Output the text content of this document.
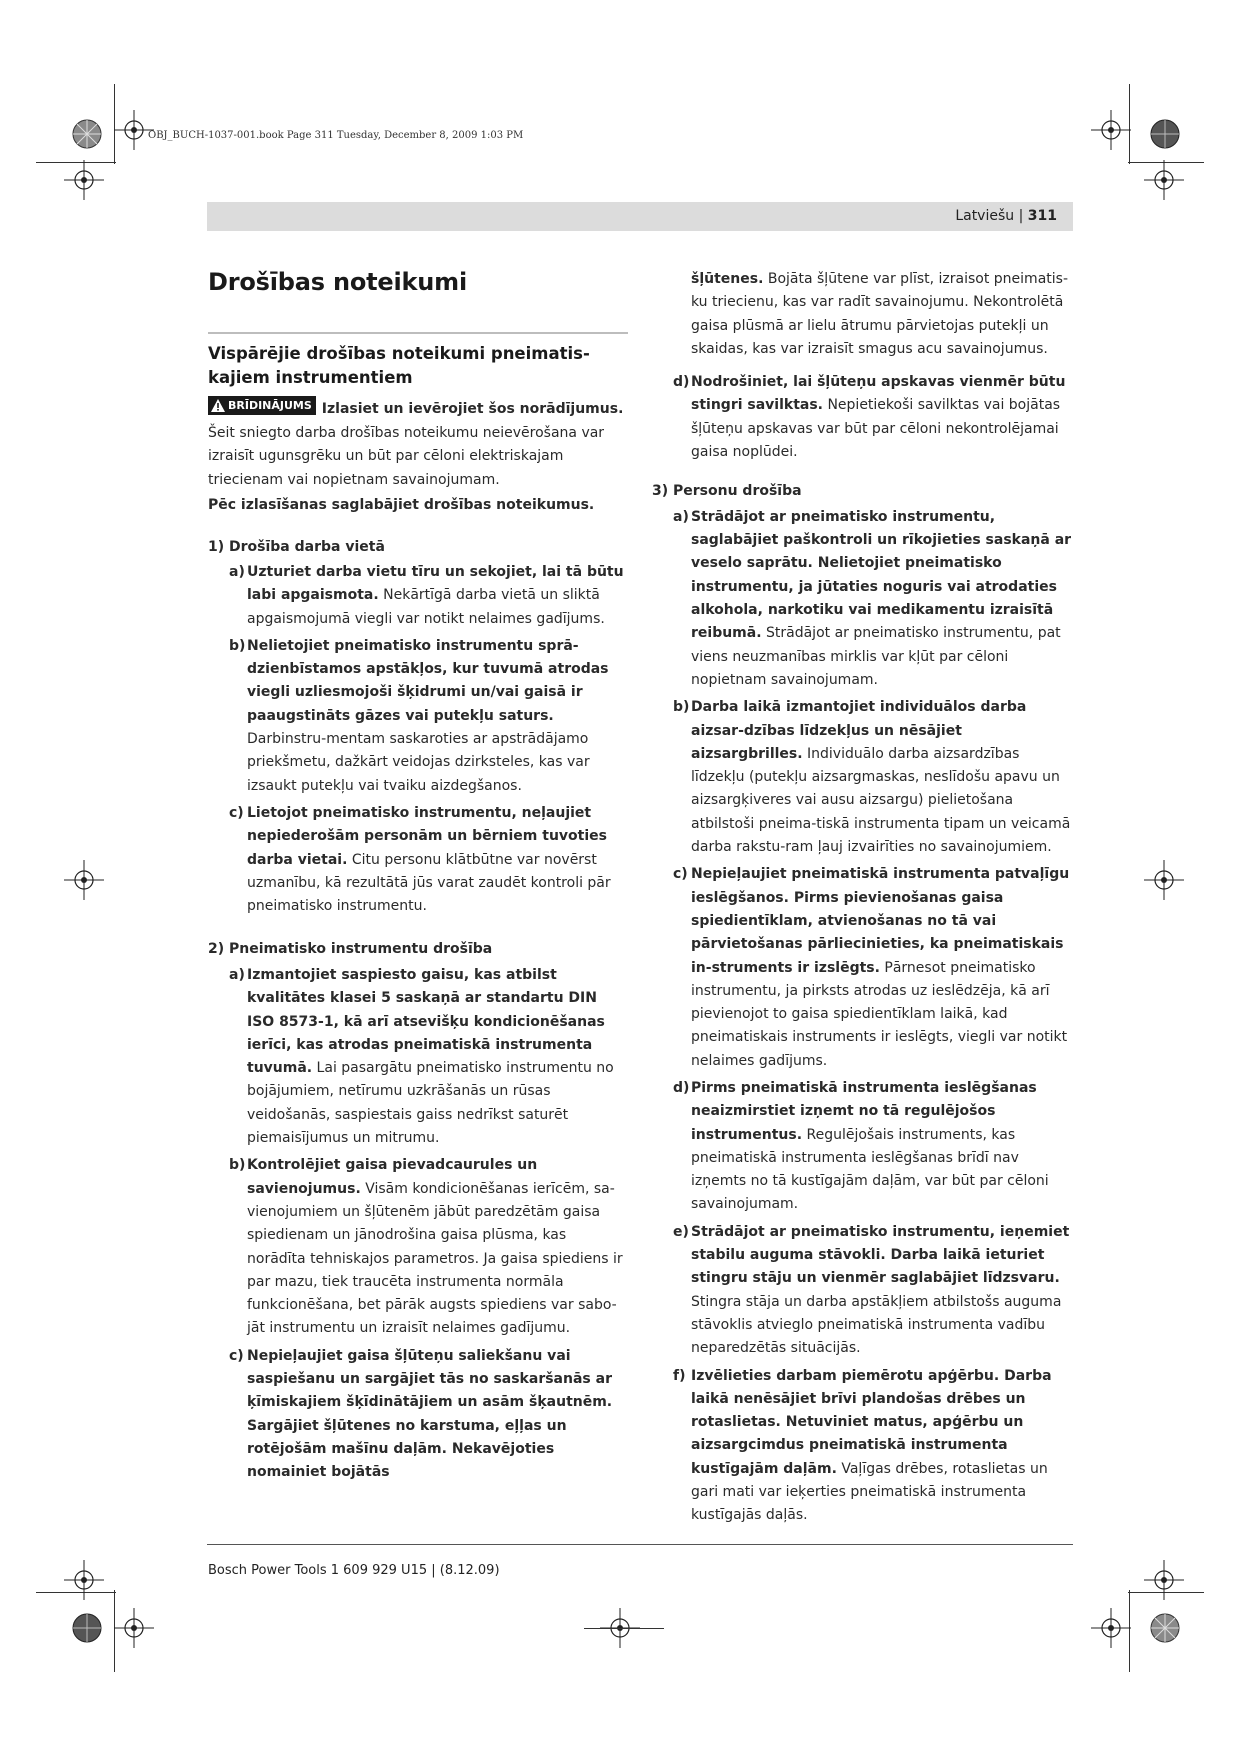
OBJ_BUCH-1037-001.book Page 311 Tuesday, December 8, 2009 1:03 PM
Latviešu | 311
Drošības noteikumi
Vispārējie drošības noteikumi pneimatis-kajiem instrumentiem
BRĪDINĀJUMS Izlasiet un ievērojiet šos norādījumus. Šeit sniegto darba drošības noteikumu neievērošana var izraisīt ugunsgrēku un būt par cēloni elektriskajam triecienam vai nopietnam savainojumam.
Pēc izlasīšanas saglabājiet drošības noteikumus.
1) Drošība darba vietā
a) Uzturiet darba vietu tīru un sekojiet, lai tā būtu labi apgaismota. Nekārtīgā darba vietā un sliktā apgaismojumā viegli var notikt nelaimes gadījums.
b) Nelietojiet pneimatisko instrumentu sprā-dzienbīstamos apstākļos, kur tuvumā atrodas viegli uzliesmojoši šķidrumi un/vai gaisā ir paaugstināts gāzes vai putekļu saturs. Darbinstru-mentam saskaroties ar apstrādājamo priekšmetu, dažkārt veidojas dzirksteles, kas var izsaukt putekļu vai tvaiku aizdegšanos.
c) Lietojot pneimatisko instrumentu, neļaujiet nepiederošām personām un bērniem tuvoties darba vietai. Citu personu klātbūtne var novērst uzmanību, kā rezultātā jūs varat zaudēt kontroli pār pneimatisko instrumentu.
2) Pneimatisko instrumentu drošība
a) Izmantojiet saspiesto gaisu, kas atbilst kvalitātes klasei 5 saskaņā ar standartu DIN ISO 8573-1, kā arī atsevišķu kondicionēšanas ierīci, kas atrodas pneimatiskā instrumenta tuvumā. Lai pasargātu pneimatisko instrumentu no bojājumiem, netīrumu uzkrāšanās un rūsas veidošanās, saspiestais gaiss nedrīkst saturēt piemaisījumus un mitrumu.
b) Kontrolējiet gaisa pievadcaurules un savienojumus. Visām kondicionēšanas ierīcēm, sa-vienojumiem un šļūtenēm jābūt paredzētām gaisa spiedienam un jānodrošina gaisa plūsma, kas norādīta tehniskajos parametros. Ja gaisa spiediens ir par mazu, tiek traucēta instrumenta normāla funkcionēšana, bet pārāk augsts spiediens var sabo-jāt instrumentu un izraisīt nelaimes gadījumu.
c) Nepieļaujiet gaisa šļūteņu saliekšanu vai saspiešanu un sargājiet tās no saskaršanās ar ķīmiskajiem šķīdinātājiem un asām šķautnēm. Sargājiet šļūtenes no karstuma, eļļas un rotējošām mašīnu daļām. Nekavējoties nomainiet bojātās
šļūtenes. Bojāta šļūtene var plīst, izraisot pneimatis-ku triecienu, kas var radīt savainojumu. Nekontrolētā gaisa plūsmā ar lielu ātrumu pārvietojas putekļi un skaidas, kas var izraisīt smagus acu savainojumus.
d) Nodrošiniet, lai šļūteņu apskavas vienmēr būtu stingri savilktas. Nepietiekoši savilktas vai bojātas šļūteņu apskavas var būt par cēloni nekontrolējamai gaisa noplūdei.
3) Personu drošība
a) Strādājot ar pneimatisko instrumentu, saglabājiet paškontroli un rīkojieties saskaņā ar veselo saprātu. Nelietojiet pneimatisko instrumentu, ja jūtaties noguris vai atrodaties alkohola, narkotiku vai medikamentu izraisītā reibumā. Strādājot ar pneimatisko instrumentu, pat viens neuzmanības mirklis var kļūt par cēloni nopietnam savainojumam.
b) Darba laikā izmantojiet individuālos darba aizsar-dzības līdzekļus un nēsājiet aizsargbrilles. Individuālo darba aizsardzības līdzekļu (putekļu aizsargmaskas, neslīdošu apavu un aizsargķiveres vai ausu aizsargu) pielietošana atbilstoši pneima-tiskā instrumenta tipam un veicamā darba rakstu-ram ļauj izvairīties no savainojumiem.
c) Nepieļaujiet pneimatiskā instrumenta patvaļīgu ieslēgšanos. Pirms pievienošanas gaisa spiedientīklam, atvienošanas no tā vai pārvietošanas pārliecinieties, ka pneimatiskais in-struments ir izslēgts. Pārnesot pneimatisko instrumentu, ja pirksts atrodas uz ieslēdzēja, kā arī pievienojot to gaisa spiedientīklam laikā, kad pneimatiskais instruments ir ieslēgts, viegli var notikt nelaimes gadījums.
d) Pirms pneimatiskā instrumenta ieslēgšanas neaizmirstiet izņemt no tā regulējošos instrumentus. Regulējošais instruments, kas pneimatiskā instrumenta ieslēgšanas brīdī nav izņemts no tā kustīgajām daļām, var būt par cēloni savainojumam.
e) Strādājot ar pneimatisko instrumentu, ieņemiet stabilu auguma stāvokli. Darba laikā ieturiet stingru stāju un vienmēr saglabājiet līdzsvaru. Stingra stāja un darba apstākļiem atbilstošs auguma stāvoklis atvieglo pneimatiskā instrumenta vadību neparedzētās situācijās.
f) Izvēlieties darbam piemērotu apģērbu. Darba laikā nenēsājiet brīvi plandošas drēbes un rotaslietas. Netuviniet matus, apģērbu un aizsargcimdus pneimatiskā instrumenta kustīgajām daļām. Vaļīgas drēbes, rotaslietas un gari mati var ieķerties pneimatiskā instrumenta kustīgajās daļās.
Bosch Power Tools 1 609 929 U15 | (8.12.09)
